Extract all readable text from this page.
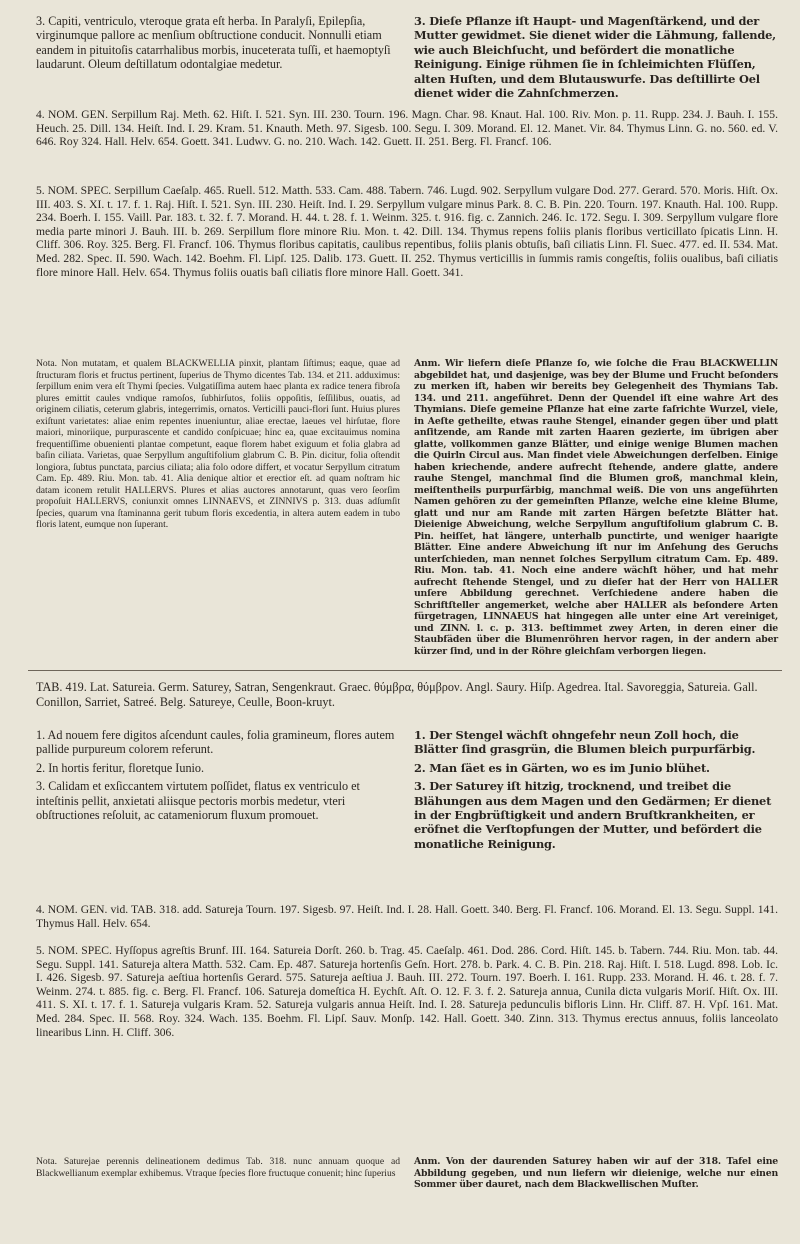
3. Capiti, ventriculo, vteroque grata eſt herba. In Paralyſi, Epilepſia, virginumque pallore ac menſium obſtructione conducit. Nonnulli etiam eandem in pituitoſis catarrhalibus morbis, inuceterata tuſſi, et haemoptyſi laudarunt. Oleum deſtillatum odontalgiae medetur.
3. Dieſe Pflanze iſt Haupt- und Magenſtärkend, und der Mutter gewidmet. Sie dienet wider die Lähmung, fallende, wie auch Bleichſucht, und befördert die monatliche Reinigung. Einige rühmen ſie in ſchleimichten Flüſſen, alten Huſten, und dem Blutauswurfe. Das deſtillirte Oel dienet wider die Zahnſchmerzen.
4. NOM. GEN. Serpillum Raj. Meth. 62. Hiſt. I. 521. Syn. III. 230. Tourn. 196. Magn. Char. 98. Knaut. Hal. 100. Riv. Mon. p. 11. Rupp. 234. J. Bauh. I. 155. Heuch. 25. Dill. 134. Heiſt. Ind. I. 29. Kram. 51. Knauth. Meth. 97. Sigesb. 100. Segu. I. 309. Morand. El. 12. Manet. Vir. 84. Thymus Linn. G. no. 560. ed. V. 646. Roy 324. Hall. Helv. 654. Goett. 341. Ludwv. G. no. 210. Wach. 142. Guett. II. 251. Berg. Fl. Francf. 106.
5. NOM. SPEC. Serpillum Caeſalp. 465. Ruell. 512. Matth. 533. Cam. 488. Tabern. 746. Lugd. 902. Serpyllum vulgare Dod. 277. Gerard. 570. Moris. Hiſt. Ox. III. 403. S. XI. t. 17. f. 1. Raj. Hiſt. I. 521. Syn. III. 230. Heiſt. Ind. I. 29. Serpyllum vulgare minus Park. 8. C. B. Pin. 220. Tourn. 197. Knauth. Hal. 100. Rupp. 234. Boerh. I. 155. Vaill. Par. 183. t. 32. f. 7. Morand. H. 44. t. 28. f. 1. Weinm. 325. t. 916. fig. c. Zannich. 246. Ic. 172. Segu. I. 309. Serpyllum vulgare flore media parte minori J. Bauh. III. b. 269. Serpillum flore minore Riu. Mon. t. 42. Dill. 134. Thymus repens foliis planis floribus verticillato ſpicatis Linn. H. Cliff. 306. Roy. 325. Berg. Fl. Francf. 106. Thymus floribus capitatis, caulibus repentibus, foliis planis obtuſis, baſi ciliatis Linn. Fl. Suec. 477. ed. II. 534. Mat. Med. 282. Spec. II. 590. Wach. 142. Boehm. Fl. Lipſ. 125. Dalib. 173. Guett. II. 252. Thymus verticillis in ſummis ramis congeſtis, foliis oualibus, baſi ciliatis flore minore Hall. Helv. 654. Thymus foliis ouatis baſi ciliatis flore minore Hall. Goett. 341.
Nota. Non mutatam, et qualem BLACKWELLIA pinxit, plantam ſiſtimus; eaque, quae ad ſtructuram floris et fructus pertinent, ſuperius de Thymo dicentes Tab. 134. et 211. adduximus: ſerpillum enim vera eſt Thymi ſpecies. Vulgatiſſima autem haec planta ex radice tenera fibroſa plures emittit caules vndique ramoſos, ſubhirſutos, foliis oppoſitis, ſeſſilibus, ouatis, ad originem ciliatis, ceterum glabris, integerrimis, ornatos. Verticilli pauci-flori ſunt. Huius plures exiſtunt varietates: aliae enim repentes inueniuntur, aliae erectae, laeues vel hirſutae, flore maiori, minoriique, purpurascente et candido conſpicuae; hinc ea, quae excitauimus nomina frequentiſſime obuenienti plantae competunt, eaque florem habet exiguum et folia glabra ad baſin ciliata. Varietas, quae Serpyllum anguſtifolium glabrum C. B. Pin. dicitur, folia oſtendit longiora, ſubtus punctata, parcius ciliata; alia folo odore differt, et vocatur Serpyllum citratum Cam. Ep. 489. Riu. Mon. tab. 41. Alia denique altior et erectior eſt. ad quam noſtram hic datam iconem retulit HALLERVS. Plures et alias auctores annotarunt, quas vero ſeorſim propoſuit HALLERVS, coniunxit omnes LINNAEVS, et ZINNIVS p. 313. duas adſumſit ſpecies, quarum vna ſtaminanna gerit tubum floris excedentia, in altera autem eadem in tubo floris latent, eumque non ſuperant.
Anm. Wir liefern dieſe Pflanze ſo, wie ſolche die Frau BLACKWELLIN abgebildet hat, und dasjenige, was bey der Blume und Frucht beſonders zu merken iſt, haben wir bereits bey Gelegenheit des Thymians Tab. 134. und 211. angeführet. Denn der Quendel iſt eine wahre Art des Thymians. Dieſe gemeine Pflanze hat eine zarte faſrichte Wurzel, viele, in Aeſte getheilte, etwas rauhe Stengel, einander gegen über und platt anſitzende, am Rande mit zarten Haaren gezierte, im übrigen aber glatte, vollkommen ganze Blätter, und einige wenige Blumen machen die Quirln Circul aus. Man findet viele Abweichungen derſelben. Einige haben kriechende, andere aufrecht ſtehende, andere glatte, andere rauhe Stengel, manchmal ſind die Blumen groß, manchmal klein, meiſtentheils purpurfärbig, manchmal weiß. Die von uns angeführten Namen gehören zu der gemeinſten Pflanze, welche eine kleine Blume, glatt und nur am Rande mit zarten Härgen beſetzte Blätter hat. Dieienige Abweichung, welche Serpyllum anguſtifolium glabrum C. B. Pin. heiſſet, hat längere, unterhalb punctirte, und weniger haarigte Blätter. Eine andere Abweichung iſt nur im Anſehung des Geruchs unterſchieden, man nennet ſolches Serpyllum citratum Cam. Ep. 489. Riu. Mon. tab. 41. Noch eine andere wächſt höher, und hat mehr aufrecht ſtehende Stengel, und zu dieſer hat der Herr von HALLER unſere Abbildung gerechnet. Verſchiedene andere haben die Schriftſteller angemerket, welche aber HALLER als beſondere Arten fürgetragen, LINNAEUS hat hingegen alle unter eine Art vereiniget, und ZINN. l. c. p. 313. beſtimmet zwey Arten, in deren einer die Staubfäden über die Blumenröhren hervor ragen, in der andern aber kürzer ſind, und in der Röhre gleichſam verborgen liegen.
TAB. 419. Lat. Satureia. Germ. Saturey, Satran, Sengenkraut. Graec. θύμβρα, θύμβρον. Angl. Saury. Hiſp. Agedrea. Ital. Savoreggia, Satureia. Gall. Conillon, Sarriet, Satreé. Belg. Satureye, Ceulle, Boon-kruyt.

1. Ad nouem fere digitos aſcendunt caules, folia gramineum, flores autem pallide purpureum colorem referunt.

2. In hortis feritur, floretque Iunio.

3. Calidam et exſiccantem virtutem poſſidet, flatus ex ventriculo et inteſtinis pellit, anxietati aliisque pectoris morbis medetur, vteri obſtructiones reſoluit, ac catameniorum fluxum promouet.

1. Der Stengel wächſt ohngefehr neun Zoll hoch, die Blätter ſind grasgrün, die Blumen bleich purpurfärbig.

2. Man ſäet es in Gärten, wo es im Junio blühet.

3. Der Saturey iſt hitzig, trocknend, und treibet die Blähungen aus dem Magen und den Gedärmen; Er dienet in der Engbrüſtigkeit und andern Bruſtkrankheiten, er eröfnet die Verſtopfungen der Mutter, und befördert die monatliche Reinigung.

4. NOM. GEN. vid. TAB. 318. add. Satureja Tourn. 197. Sigesb. 97. Heiſt. Ind. I. 28. Hall. Goett. 340. Berg. Fl. Francf. 106. Morand. El. 13. Segu. Suppl. 141. Thymus Hall. Helv. 654.
5. NOM. SPEC. Hyſſopus agreſtis Brunf. III. 164. Satureia Dorſt. 260. b. Trag. 45. Caeſalp. 461. Dod. 286. Cord. Hiſt. 145. b. Tabern. 744. Riu. Mon. tab. 44. Segu. Suppl. 141. Satureja altera Matth. 532. Cam. Ep. 487. Satureja hortenſis Geſn. Hort. 278. b. Park. 4. C. B. Pin. 218. Raj. Hiſt. I. 518. Lugd. 898. Lob. Ic. I. 426. Sigesb. 97. Satureja aeſtiua hortenſis Gerard. 575. Satureja aeſtiua J. Bauh. III. 272. Tourn. 197. Boerh. I. 161. Rupp. 233. Morand. H. 46. t. 28. f. 7. Weinm. 274. t. 885. fig. c. Berg. Fl. Francf. 106. Satureja domeſtica H. Eychſt. Aſt. O. 12. F. 3. f. 2. Satureja annua, Cunila dicta vulgaris Moriſ. Hiſt. Ox. III. 411. S. XI. t. 17. f. 1. Satureja vulgaris Kram. 52. Satureja vulgaris annua Heiſt. Ind. I. 28. Satureja pedunculis bifloris Linn. Hr. Cliff. 87. H. Vpſ. 161. Mat. Med. 284. Spec. II. 568. Roy. 324. Wach. 135. Boehm. Fl. Lipſ. Sauv. Monſp. 142. Hall. Goett. 340. Zinn. 313. Thymus erectus annuus, foliis lanceolato linearibus Linn. H. Cliff. 306.
Nota. Saturejae perennis delineationem dedimus Tab. 318. nunc annuam quoque ad Blackwellianum exemplar exhibemus. Vtraque ſpecies flore fructuque conuenit; hinc ſuperius
Anm. Von der daurenden Saturey haben wir auf der 318. Tafel eine Abbildung gegeben, und nun liefern wir dieienige, welche nur einen Sommer über dauret, nach dem Blackwellischen Muſter.
